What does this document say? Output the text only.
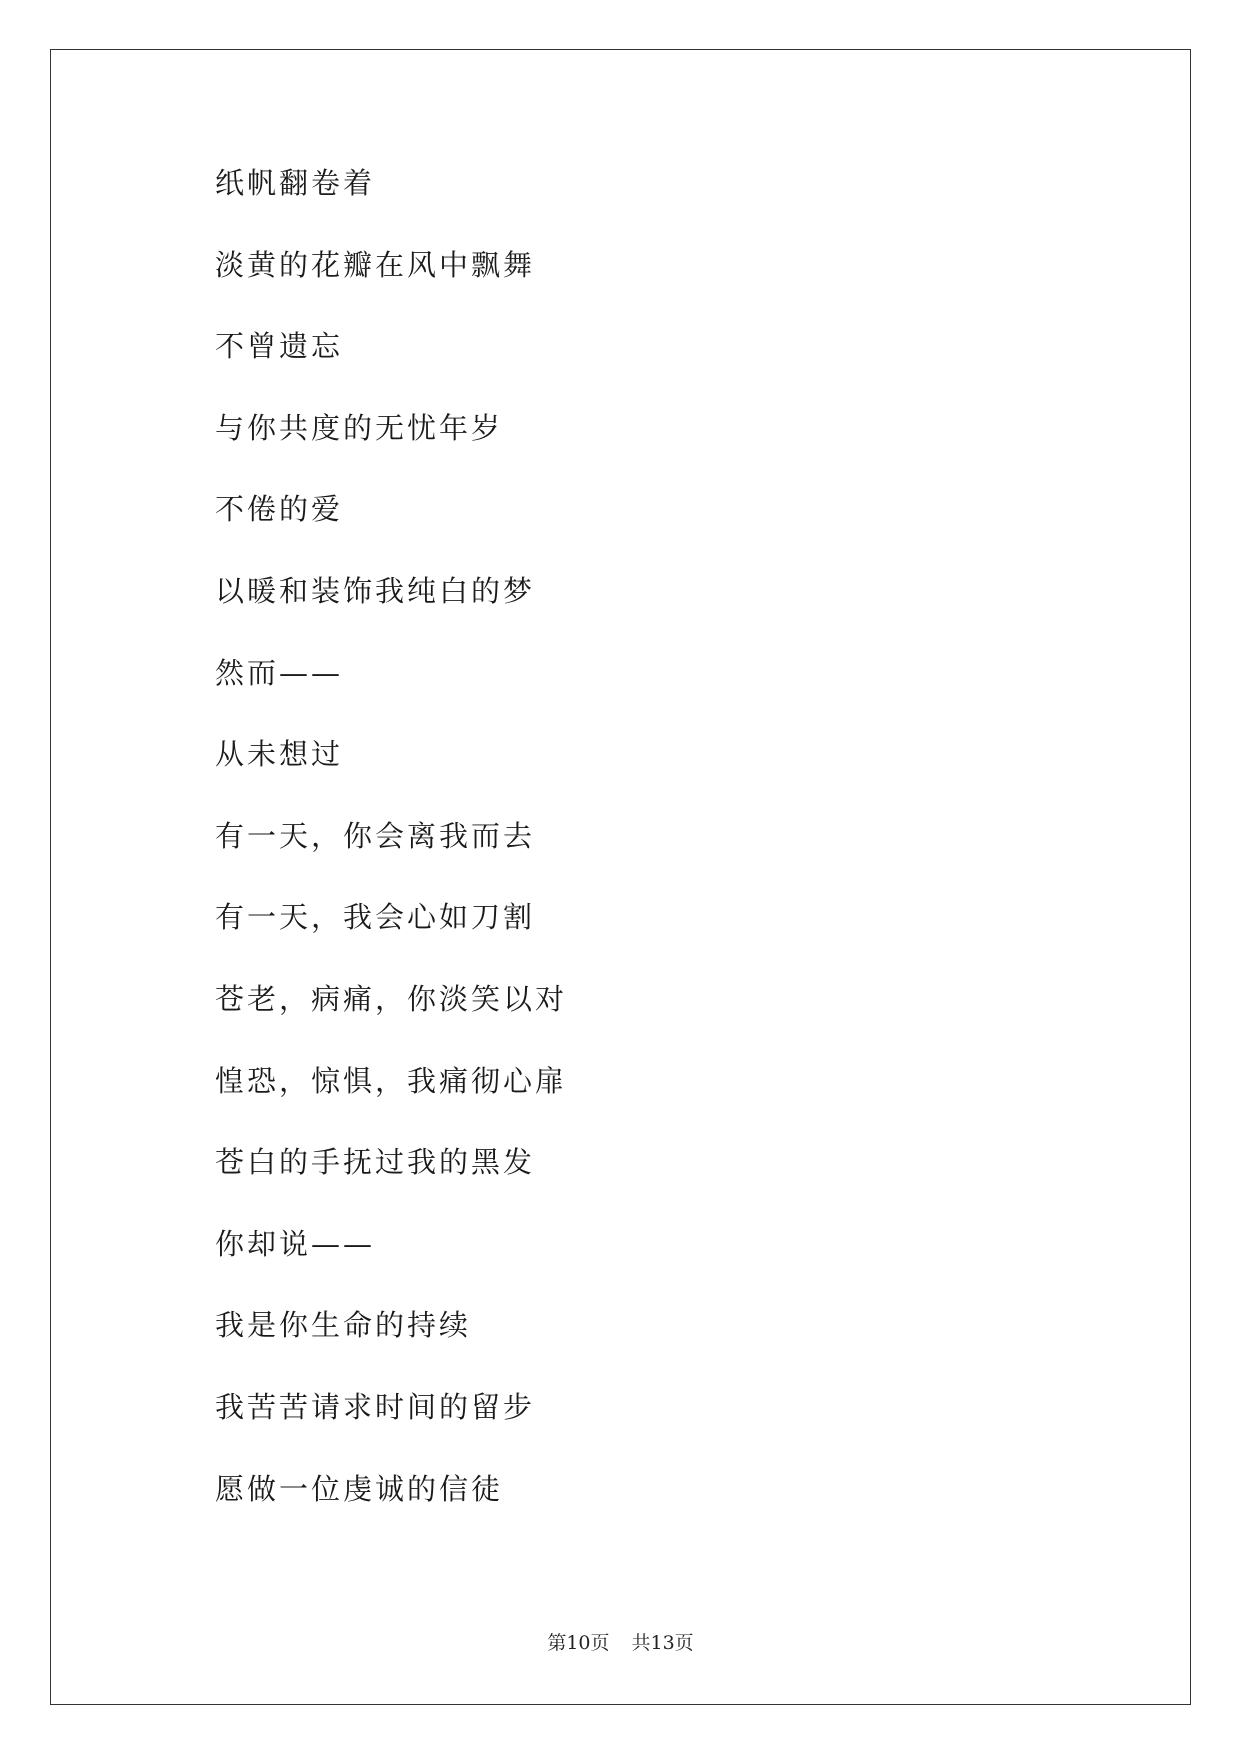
纸帆翻卷着
淡黄的花瓣在风中飘舞
不曾遗忘
与你共度的无忧年岁
不倦的爱
以暖和装饰我纯白的梦
然而——
从未想过
有一天，你会离我而去
有一天，我会心如刀割
苍老，病痛，你淡笑以对
惶恐，惊惧，我痛彻心扉
苍白的手抚过我的黑发
你却说——
我是你生命的持续
我苦苦请求时间的留步
愿做一位虔诚的信徒
第10页 共13页
